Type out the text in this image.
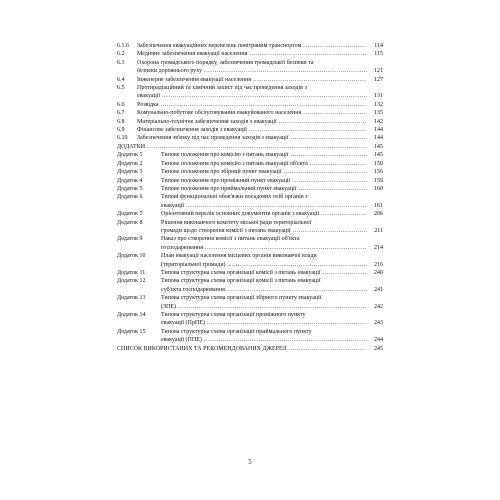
6.1.6	Забезпечення евакуаційних перевезень повітряним транспортом .....	114
6.2	Медичне забезпечення евакуації населення .....	115
6.3	Охорона громадського порядку, забезпечення громадської безпеки та
безпеки дорожнього руху .....	121
6.4	Інженерне забезпечення евакуації населення .....	127
6.5	Протирадіаційний та хімічний захист під час проведення заходів з
евакуації .....	131
6.6	Розвідка .....	132
6.7	Комунально-побутове обслуговування евакуйованого населення .....	135
6.8	Матеріально-технічне забезпечення заходів з евакуації .....	142
6.9	Фінансове забезпечення заходів з евакуації .....	144
6.10	Забезпечення зв'язку під час проведення заходів з евакуації .....	144
ДОДАТКИ .....	145
Додаток 1	Типове положення про комісію з питань евакуації .....	145
Додаток 2	Типове положення про комісію з питань евакуації об'єкта .....	150
Додаток 3	Типове положення про збірний пункт евакуації .....	156
Додаток 4	Типове положення про проміжний пункт евакуації .....	159
Додаток 5	Типове положення про приймальний пункт евакуації .....	160
Додаток 6	Типові функціональні обов'язки посадових осіб органів з
евакуації .....	161
Додаток 7	Орієнтовний перелік основних документів органів з евакуації .....	206
Додаток 8	Рішення виконавчого комітету міської ради територіальної
громади щодо створення комісії з питань евакуації .....	211
Додаток 9	Наказ про створення комісії з питань евакуації об'єкта
господарювання .....	214
Додаток 10	План евакуації населення місцевих органів виконавчої влади
(територіальної громади) .....	216
Додаток 11	Типова структурна схема організації комісії з питань евакуації .....	240
Додаток 12	Типова структурна схема організації комісії з питань евакуації
суб'єкта господарювання .....	241
Додаток 13	Типова структурна схема організації збірного пункту евакуації
(ЗПЕ) .....	242
Додаток 14	Типова структурна схема організації проміжного пункту
евакуації (ПрПЕ) .....	243
Додаток 15	Типова структурна схема організації приймального пункту
евакуації (ППЕ) .....	244
СПИСОК ВИКОРИСТАНИХ ТА РЕКОМЕНДОВАНИХ ДЖЕРЕЛ .....	245
5
